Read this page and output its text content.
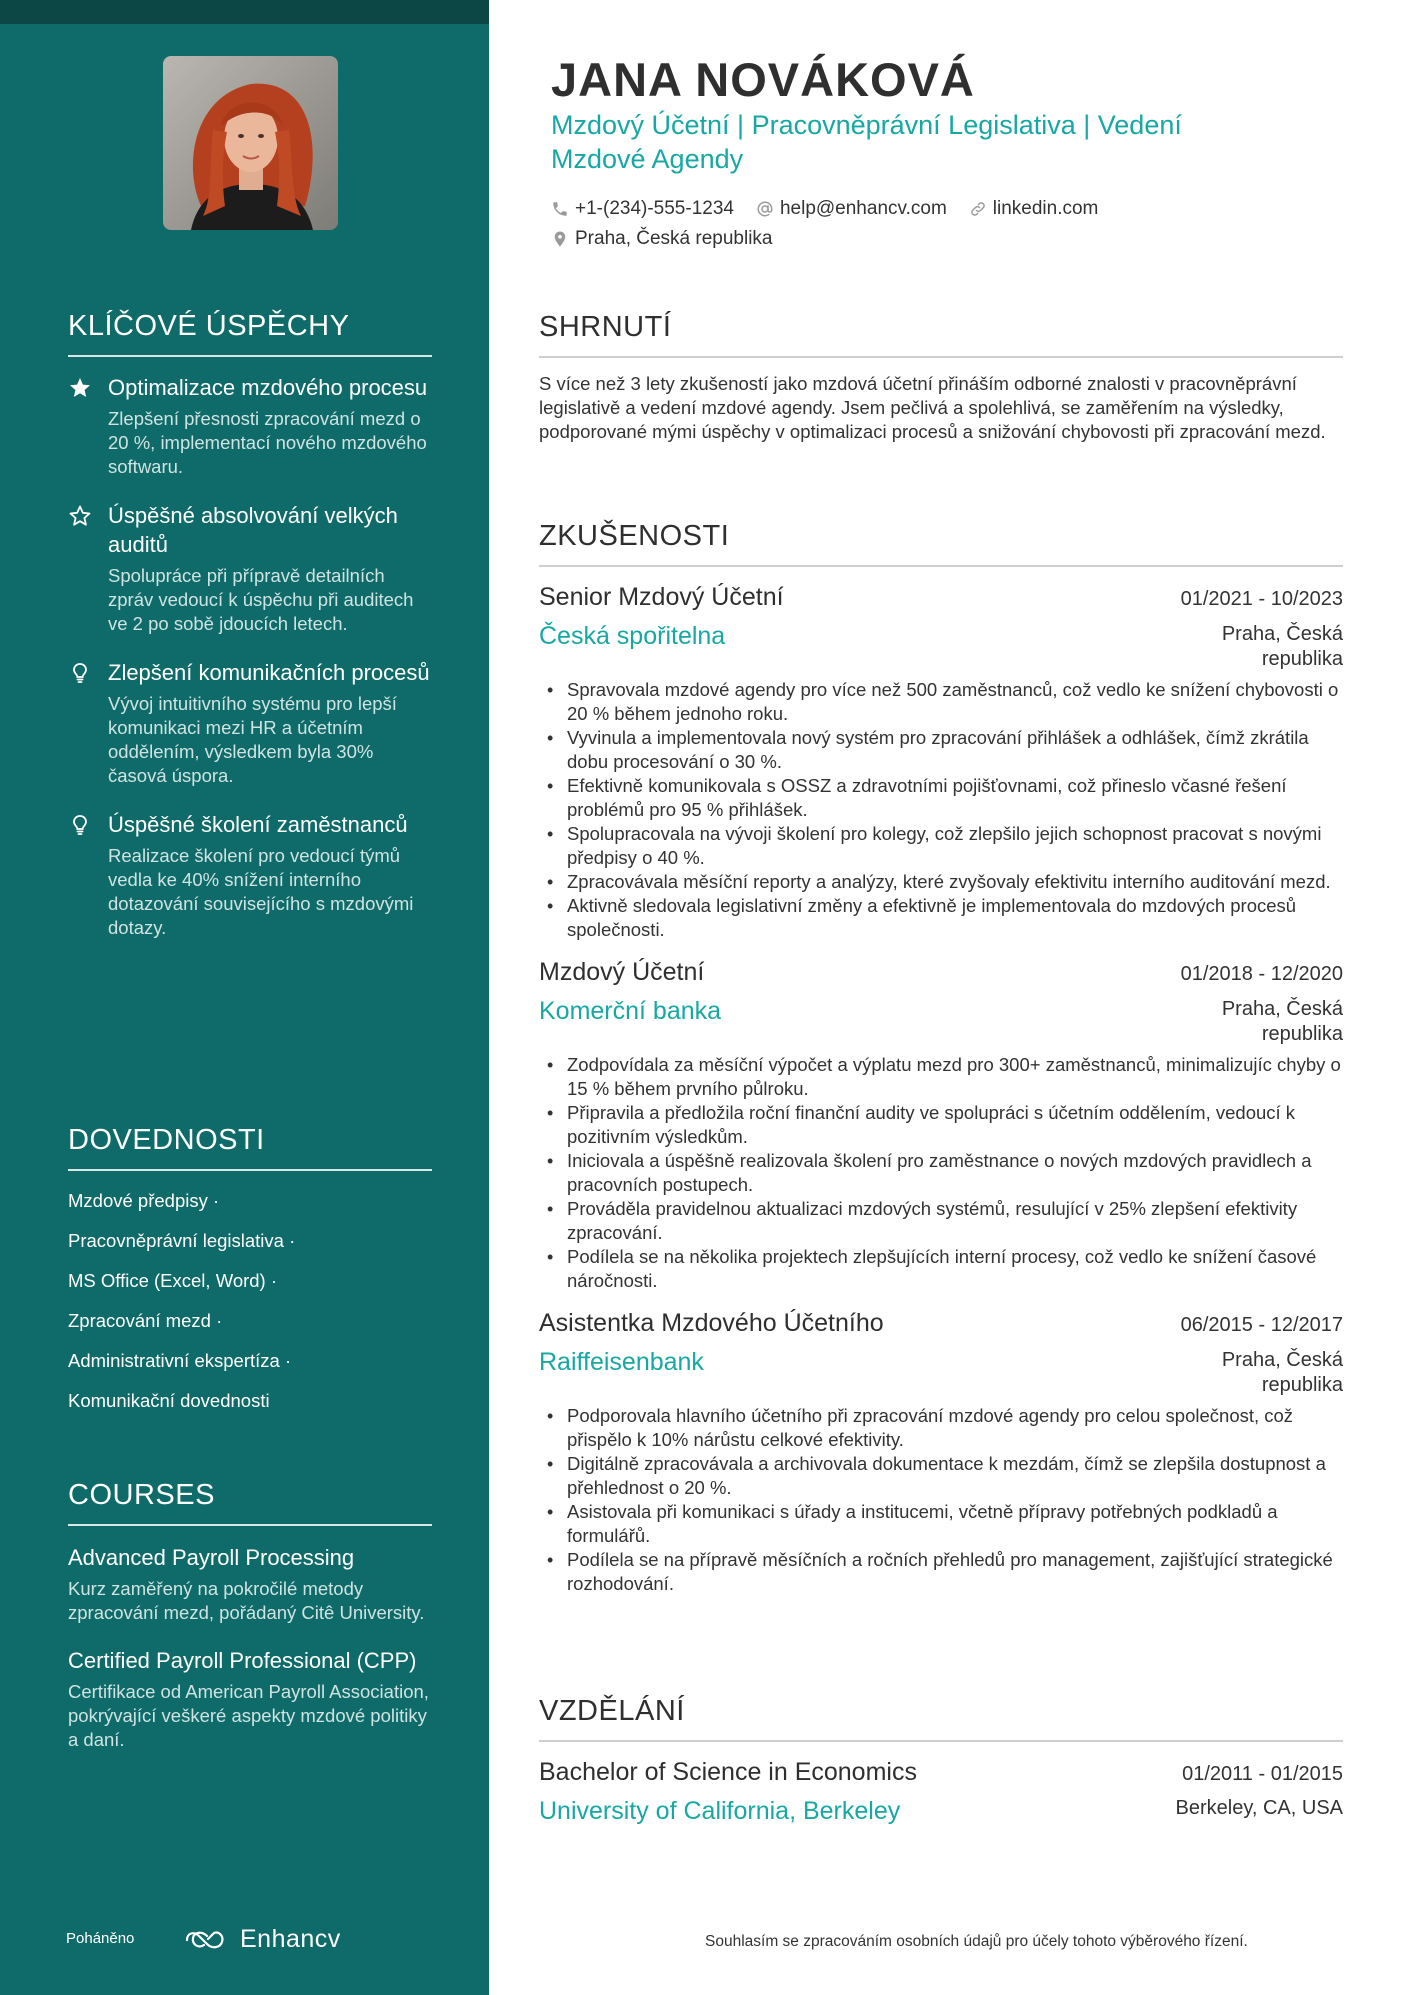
KLÍČOVÉ ÚSPĚCHY
Optimalizace mzdového procesu
Zlepšení přesnosti zpracování mezd o 20 %, implementací nového mzdového softwaru.
Úspěšné absolvování velkých auditů
Spolupráce při přípravě detailních zpráv vedoucí k úspěchu při auditech ve 2 po sobě jdoucích letech.
Zlepšení komunikačních procesů
Vývoj intuitivního systému pro lepší komunikaci mezi HR a účetním oddělením, výsledkem byla 30% časová úspora.
Úspěšné školení zaměstnanců
Realizace školení pro vedoucí týmů vedla ke 40% snížení interního dotazování souvisejícího s mzdovými dotazy.
DOVEDNOSTI
Mzdové předpisy ·
Pracovněprávní legislativa ·
MS Office (Excel, Word) ·
Zpracování mezd ·
Administrativní ekspertíza ·
Komunikační dovednosti
COURSES
Advanced Payroll Processing
Kurz zaměřený na pokročilé metody zpracování mezd, pořádaný Citê University.
Certified Payroll Professional (CPP)
Certifikace od American Payroll Association, pokrývající veškeré aspekty mzdové politiky a daní.
Poháněno	Enhancv
JANA NOVÁKOVÁ
Mzdový Účetní | Pracovněprávní Legislativa | Vedení Mzdové Agendy
+1-(234)-555-1234 help@enhancv.com linkedin.com
Praha, Česká republika
SHRNUTÍ
S více než 3 lety zkušeností jako mzdová účetní přináším odborné znalosti v pracovněprávní legislativě a vedení mzdové agendy. Jsem pečlivá a spolehlivá, se zaměřením na výsledky, podporované mými úspěchy v optimalizaci procesů a snižování chybovosti při zpracování mezd.
ZKUŠENOSTI
Senior Mzdový Účetní	01/2021 - 10/2023
Česká spořitelna	Praha, Česká republika
• Spravovala mzdové agendy pro více než 500 zaměstnanců, což vedlo ke snížení chybovosti o 20 % během jednoho roku.
• Vyvinula a implementovala nový systém pro zpracování přihlášek a odhlášek, čímž zkrátila dobu procesování o 30 %.
• Efektivně komunikovala s OSSZ a zdravotními pojišťovnami, což přineslo včasné řešení problémů pro 95 % přihlášek.
• Spolupracovala na vývoji školení pro kolegy, což zlepšilo jejich schopnost pracovat s novými předpisy o 40 %.
• Zpracovávala měsíční reporty a analýzy, které zvyšovaly efektivitu interního auditování mezd.
• Aktivně sledovala legislativní změny a efektivně je implementovala do mzdových procesů společnosti.
Mzdový Účetní	01/2018 - 12/2020
Komerční banka	Praha, Česká republika
• Zodpovídala za měsíční výpočet a výplatu mezd pro 300+ zaměstnanců, minimalizujíc chyby o 15 % během prvního půlroku.
• Připravila a předložila roční finanční audity ve spolupráci s účetním oddělením, vedoucí k pozitivním výsledkům.
• Iniciovala a úspěšně realizovala školení pro zaměstnance o nových mzdových pravidlech a pracovních postupech.
• Prováděla pravidelnou aktualizaci mzdových systémů, resulující v 25% zlepšení efektivity zpracování.
• Podílela se na několika projektech zlepšujících interní procesy, což vedlo ke snížení časové náročnosti.
Asistentka Mzdového Účetního	06/2015 - 12/2017
Raiffeisenbank	Praha, Česká republika
• Podporovala hlavního účetního při zpracování mzdové agendy pro celou společnost, což přispělo k 10% nárůstu celkové efektivity.
• Digitálně zpracovávala a archivovala dokumentace k mezdám, čímž se zlepšila dostupnost a přehlednost o 20 %.
• Asistovala při komunikaci s úřady a institucemi, včetně přípravy potřebných podkladů a formulářů.
• Podílela se na přípravě měsíčních a ročních přehledů pro management, zajišťující strategické rozhodování.
VZDĚLÁNÍ
Bachelor of Science in Economics	01/2011 - 01/2015
University of California, Berkeley	Berkeley, CA, USA
Souhlasím se zpracováním osobních údajů pro účely tohoto výběrového řízení.
